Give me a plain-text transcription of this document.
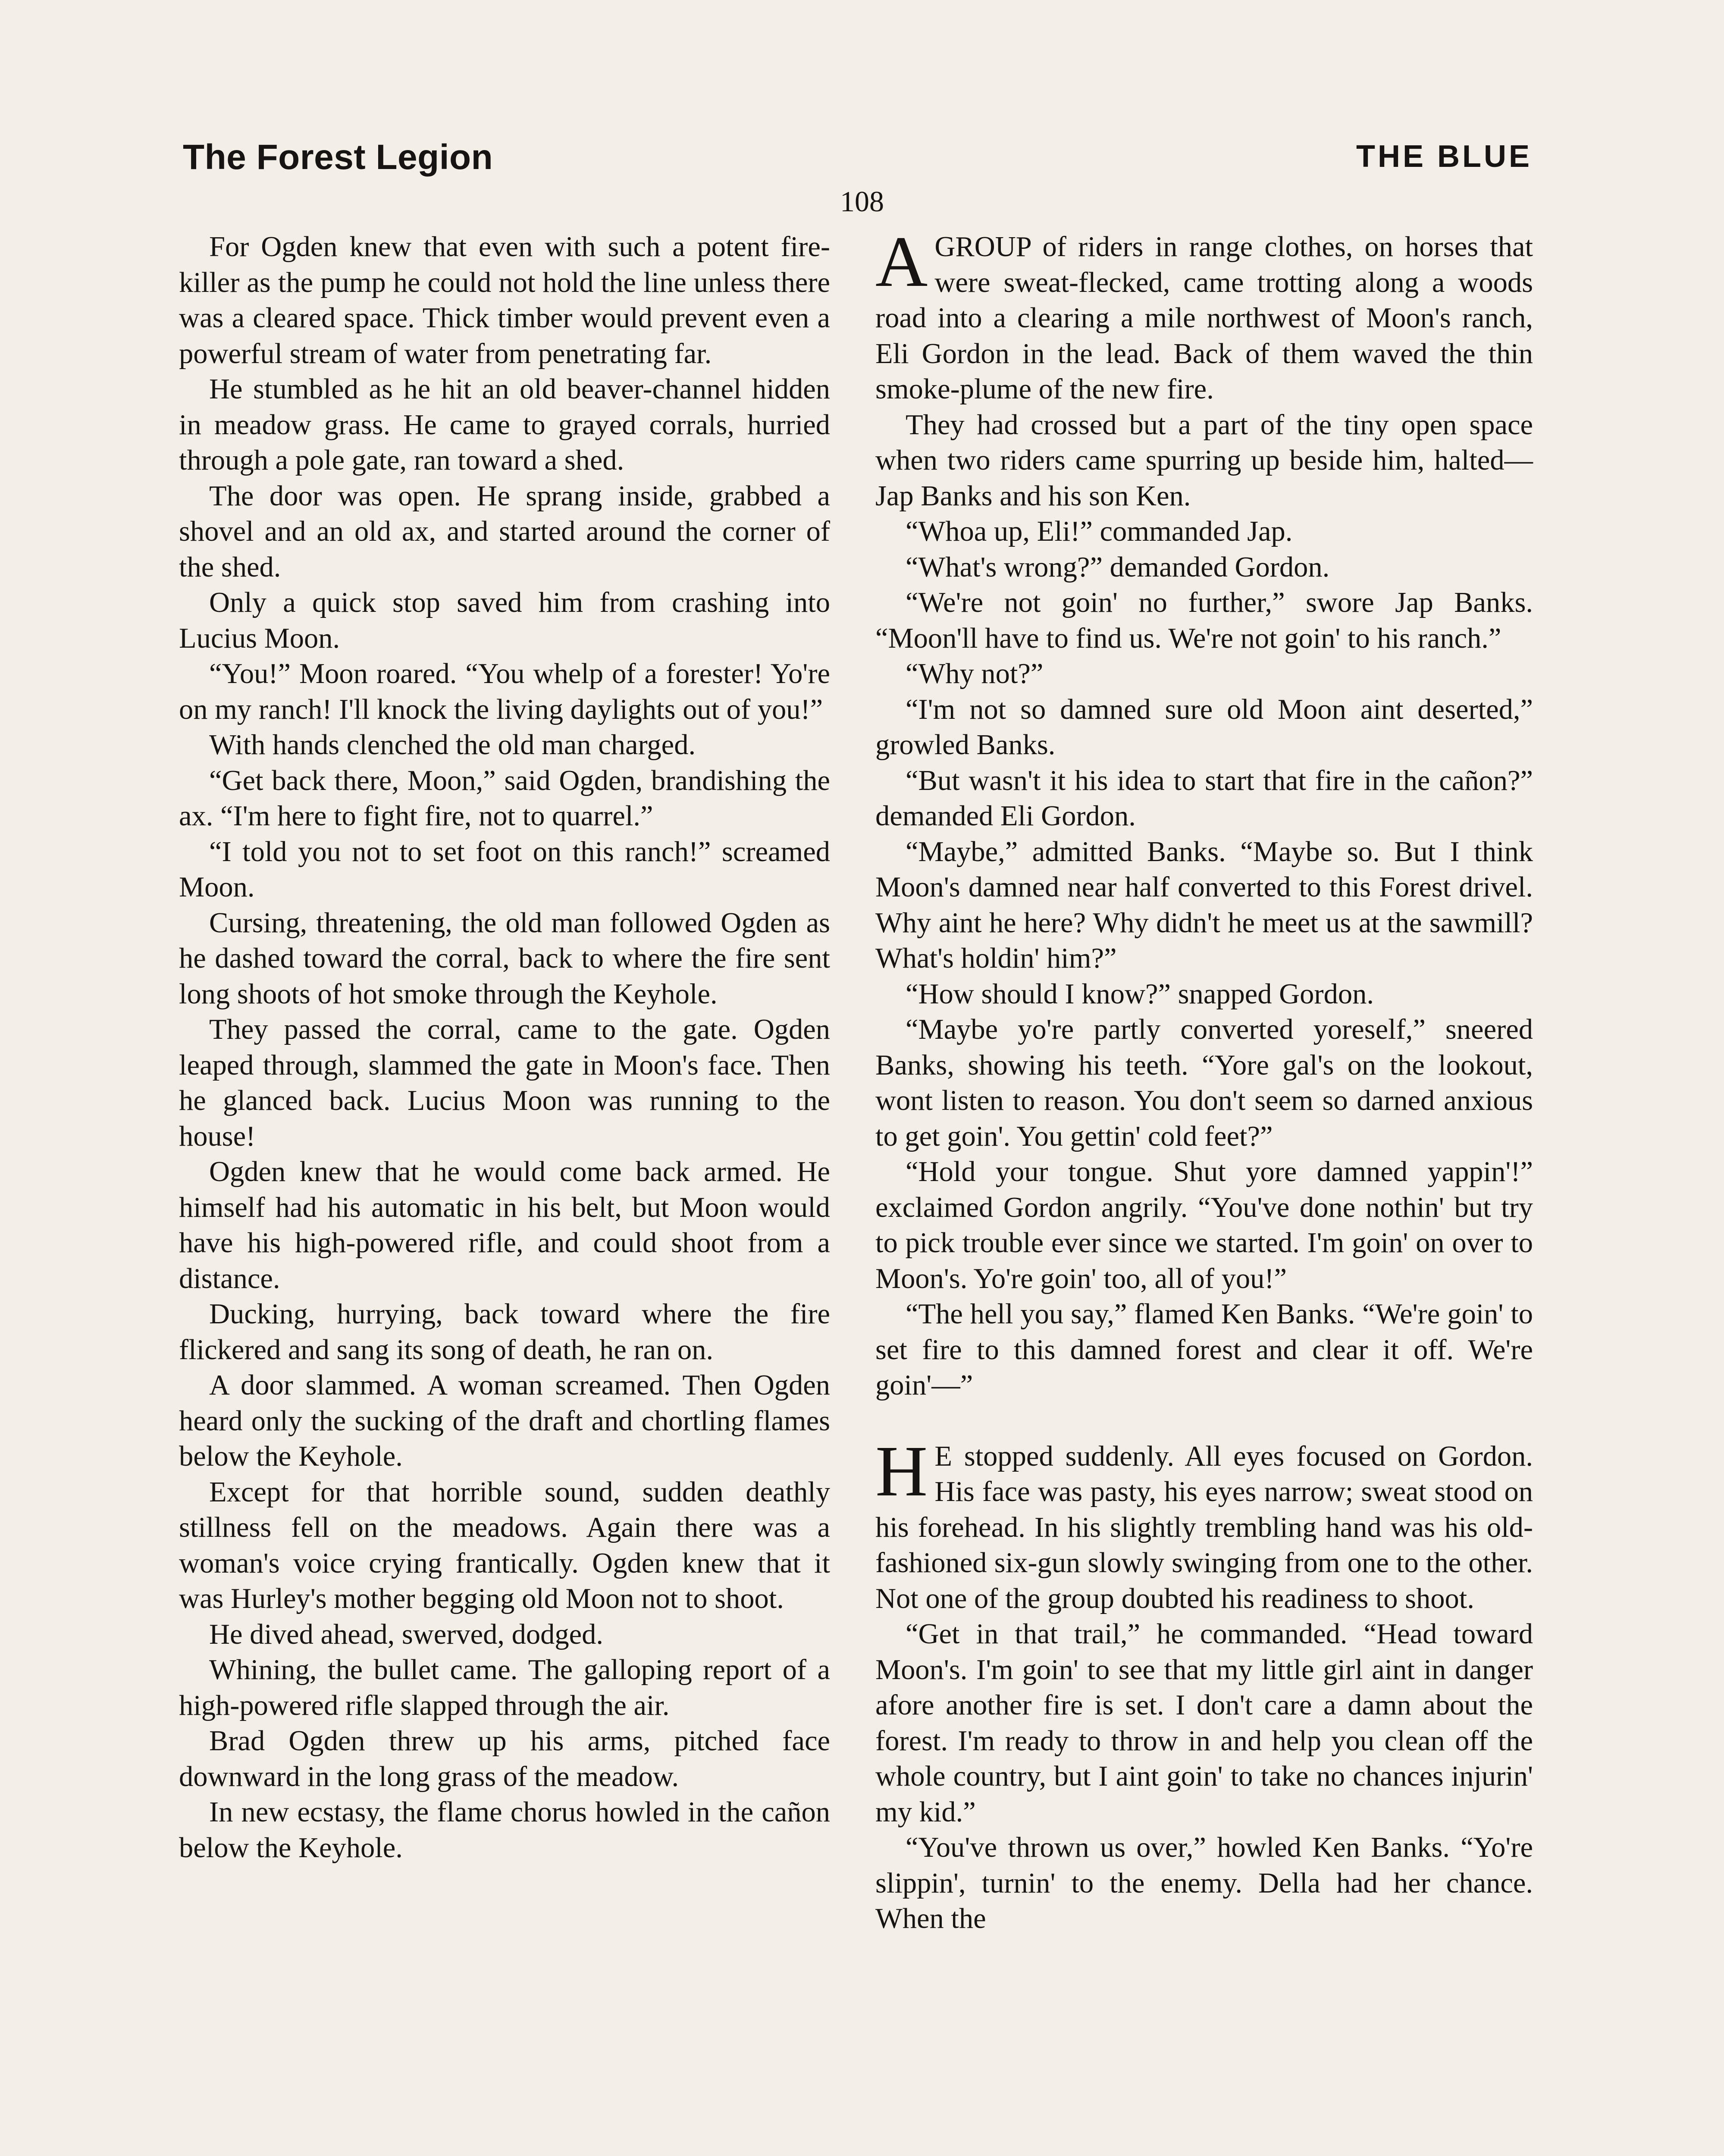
The Forest Legion	THE BLUE
108

For Ogden knew that even with such a potent fire-killer as the pump he could not hold the line unless there was a cleared space. Thick timber would prevent even a powerful stream of water from penetrating far.

He stumbled as he hit an old beaver-channel hidden in meadow grass. He came to grayed corrals, hurried through a pole gate, ran toward a shed.

The door was open. He sprang inside, grabbed a shovel and an old ax, and started around the corner of the shed.

Only a quick stop saved him from crashing into Lucius Moon.

“You!” Moon roared. “You whelp of a forester! Yo're on my ranch! I'll knock the living daylights out of you!”

With hands clenched the old man charged.

“Get back there, Moon,” said Ogden, brandishing the ax. “I'm here to fight fire, not to quarrel.”

“I told you not to set foot on this ranch!” screamed Moon.

Cursing, threatening, the old man followed Ogden as he dashed toward the corral, back to where the fire sent long shoots of hot smoke through the Keyhole.

They passed the corral, came to the gate. Ogden leaped through, slammed the gate in Moon's face. Then he glanced back. Lucius Moon was running to the house!

Ogden knew that he would come back armed. He himself had his automatic in his belt, but Moon would have his high-powered rifle, and could shoot from a distance.

Ducking, hurrying, back toward where the fire flickered and sang its song of death, he ran on.

A door slammed. A woman screamed. Then Ogden heard only the sucking of the draft and chortling flames below the Keyhole.

Except for that horrible sound, sudden deathly stillness fell on the meadows. Again there was a woman's voice crying frantically. Ogden knew that it was Hurley's mother begging old Moon not to shoot.

He dived ahead, swerved, dodged.

Whining, the bullet came. The galloping report of a high-powered rifle slapped through the air.

Brad Ogden threw up his arms, pitched face downward in the long grass of the meadow.

In new ecstasy, the flame chorus howled in the cañon below the Keyhole.

AGROUP of riders in range clothes, on horses that were sweat-flecked, came trotting along a woods road into a clearing a mile northwest of Moon's ranch, Eli Gordon in the lead. Back of them waved the thin smoke-plume of the new fire.

They had crossed but a part of the tiny open space when two riders came spurring up beside him, halted—Jap Banks and his son Ken.

“Whoa up, Eli!” commanded Jap.

“What's wrong?” demanded Gordon.

“We're not goin' no further,” swore Jap Banks. “Moon'll have to find us. We're not goin' to his ranch.”

“Why not?”

“I'm not so damned sure old Moon aint deserted,” growled Banks.

“But wasn't it his idea to start that fire in the cañon?” demanded Eli Gordon.

“Maybe,” admitted Banks. “Maybe so. But I think Moon's damned near half converted to this Forest drivel. Why aint he here? Why didn't he meet us at the sawmill? What's holdin' him?”

“How should I know?” snapped Gordon.

“Maybe yo're partly converted yoreself,” sneered Banks, showing his teeth. “Yore gal's on the lookout, wont listen to reason. You don't seem so darned anxious to get goin'. You gettin' cold feet?”

“Hold your tongue. Shut yore damned yappin'!” exclaimed Gordon angrily. “You've done nothin' but try to pick trouble ever since we started. I'm goin' on over to Moon's. Yo're goin' too, all of you!”

“The hell you say,” flamed Ken Banks. “We're goin' to set fire to this damned forest and clear it off. We're goin'—”

H E stopped suddenly. All eyes focused on Gordon. His face was pasty, his eyes narrow; sweat stood on his forehead. In his slightly trembling hand was his old-fashioned six-gun slowly swinging from one to the other. Not one of the group doubted his readiness to shoot.

“Get in that trail,” he commanded. “Head toward Moon's. I'm goin' to see that my little girl aint in danger afore another fire is set. I don't care a damn about the forest. I'm ready to throw in and help you clean off the whole country, but I aint goin' to take no chances injurin' my kid.”

“You've thrown us over,” howled Ken Banks. “Yo're slippin', turnin' to the enemy. Della had her chance. When the
